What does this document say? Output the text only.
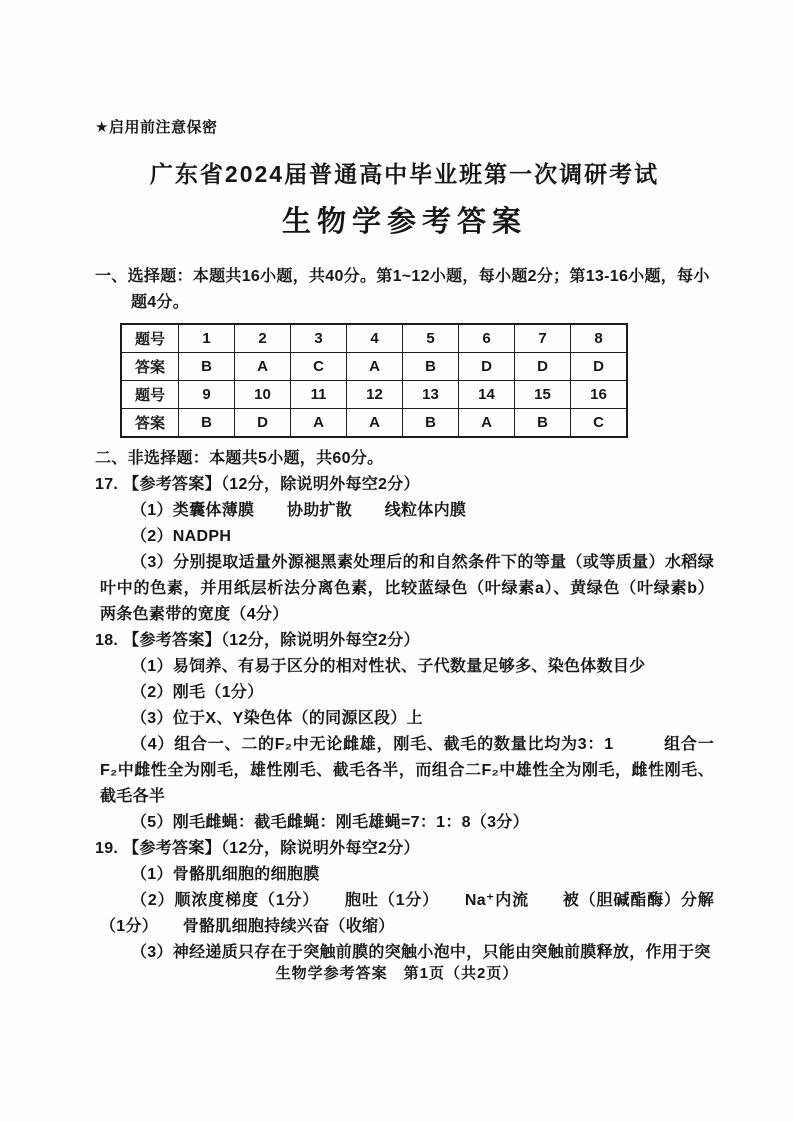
★启用前注意保密
广东省2024届普通高中毕业班第一次调研考试
生物学参考答案
一、选择题：本题共16小题，共40分。第1~12小题，每小题2分；第13-16小题，每小题4分。
题号	1	2	3	4	5	6	7	8
答案	B	A	C	A	B	D	D	D
题号	9	10	11	12	13	14	15	16
答案	B	D	A	A	B	A	B	C
二、非选择题：本题共5小题，共60分。

17. 【参考答案】（12分，除说明外每空2分）

（1）类囊体薄膜　　协助扩散　　线粒体内膜

（2）NADPH

（3）分别提取适量外源褪黑素处理后的和自然条件下的等量（或等质量）水稻绿叶中的色素，并用纸层析法分离色素，比较蓝绿色（叶绿素a）、黄绿色（叶绿素b）两条色素带的宽度（4分）

18. 【参考答案】（12分，除说明外每空2分）

（1）易饲养、有易于区分的相对性状、子代数量足够多、染色体数目少

（2）刚毛（1分）

（3）位于X、Y染色体（的同源区段）上

（4）组合一、二的F₂中无论雌雄，刚毛、截毛的数量比均为3：1　　　组合一F₂中雌性全为刚毛，雄性刚毛、截毛各半，而组合二F₂中雄性全为刚毛，雌性刚毛、截毛各半

（5）刚毛雌蝇：截毛雌蝇：刚毛雄蝇=7：1：8（3分）

19. 【参考答案】（12分，除说明外每空2分）

（1）骨骼肌细胞的细胞膜

（2）顺浓度梯度（1分）　　胞吐（1分）　　Na⁺内流　　被（胆碱酯酶）分解（1分）　　骨骼肌细胞持续兴奋（收缩）

（3）神经递质只存在于突触前膜的突触小泡中，只能由突触前膜释放，作用于突

生物学参考答案　第1页（共2页）
